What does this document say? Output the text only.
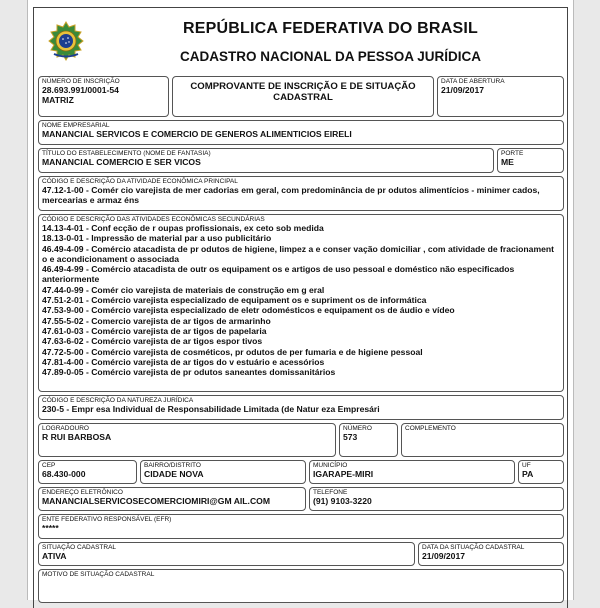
REPÚBLICA FEDERATIVA DO BRASIL
CADASTRO NACIONAL DA PESSOA JURÍDICA
NÚMERO DE INSCRIÇÃO
28.693.991/0001-54
MATRIZ
COMPROVANTE DE INSCRIÇÃO E DE SITUAÇÃO CADASTRAL
DATA DE ABERTURA
21/09/2017
NOME EMPRESARIAL
MANANCIAL SERVICOS E COMERCIO DE GENEROS ALIMENTICIOS EIRELI
TÍTULO DO ESTABELECIMENTO (NOME DE FANTASIA)
MANANCIAL COMERCIO E SER VICOS
PORTE
ME
CÓDIGO E DESCRIÇÃO DA ATIVIDADE ECONÔMICA PRINCIPAL
47.12-1-00 - Comér cio varejista de mer cadorias em geral, com predominância de pr odutos alimentícios - minimer cados, mercearias e armaz éns
CÓDIGO E DESCRIÇÃO DAS ATIVIDADES ECONÔMICAS SECUNDÁRIAS
14.13-4-01 - Conf ecção de r oupas profissionais, ex ceto sob medida
18.13-0-01 - Impressão de material par a uso publicitário
46.49-4-09 - Comércio atacadista de pr odutos de higiene, limpez a e conser vação domiciliar , com atividade de fracionament o e acondicionament o associada
46.49-4-99 - Comércio atacadista de outr os equipament os e artigos de uso pessoal e doméstico não especificados anteriormente
47.44-0-99 - Comér cio varejista de materiais de construção em g eral
47.51-2-01 - Comércio varejista especializado de equipament os e supriment os de informática
47.53-9-00 - Comércio varejista especializado de eletr odomésticos e equipament os de áudio e vídeo
47.55-5-02 - Comercio varejista de ar tigos de armarinho
47.61-0-03 - Comércio varejista de ar tigos de papelaria
47.63-6-02 - Comércio varejista de ar tigos espor tivos
47.72-5-00 - Comércio varejista de cosméticos, pr odutos de per fumaria e de higiene pessoal
47.81-4-00 - Comércio varejista de ar tigos do v estuário e acessórios
47.89-0-05 - Comércio varejista de pr odutos saneantes domissanitários
CÓDIGO E DESCRIÇÃO DA NATUREZA JURÍDICA
230-5 - Empr esa Individual de Responsabilidade Limitada (de Natur eza Empresári
LOGRADOURO
R RUI BARBOSA
NÚMERO
573
COMPLEMENTO
CEP
68.430-000
BAIRRO/DISTRITO
CIDADE NOVA
MUNICÍPIO
IGARAPE-MIRI
UF
PA
ENDEREÇO ELETRÔNICO
MANANCIALSERVICOSECOMERCIOMIRI@GM AIL.COM
TELEFONE
(91) 9103-3220
ENTE FEDERATIVO RESPONSÁVEL (EFR)
*****
SITUAÇÃO CADASTRAL
ATIVA
DATA DA SITUAÇÃO CADASTRAL
21/09/2017
MOTIVO DE SITUAÇÃO CADASTRAL
